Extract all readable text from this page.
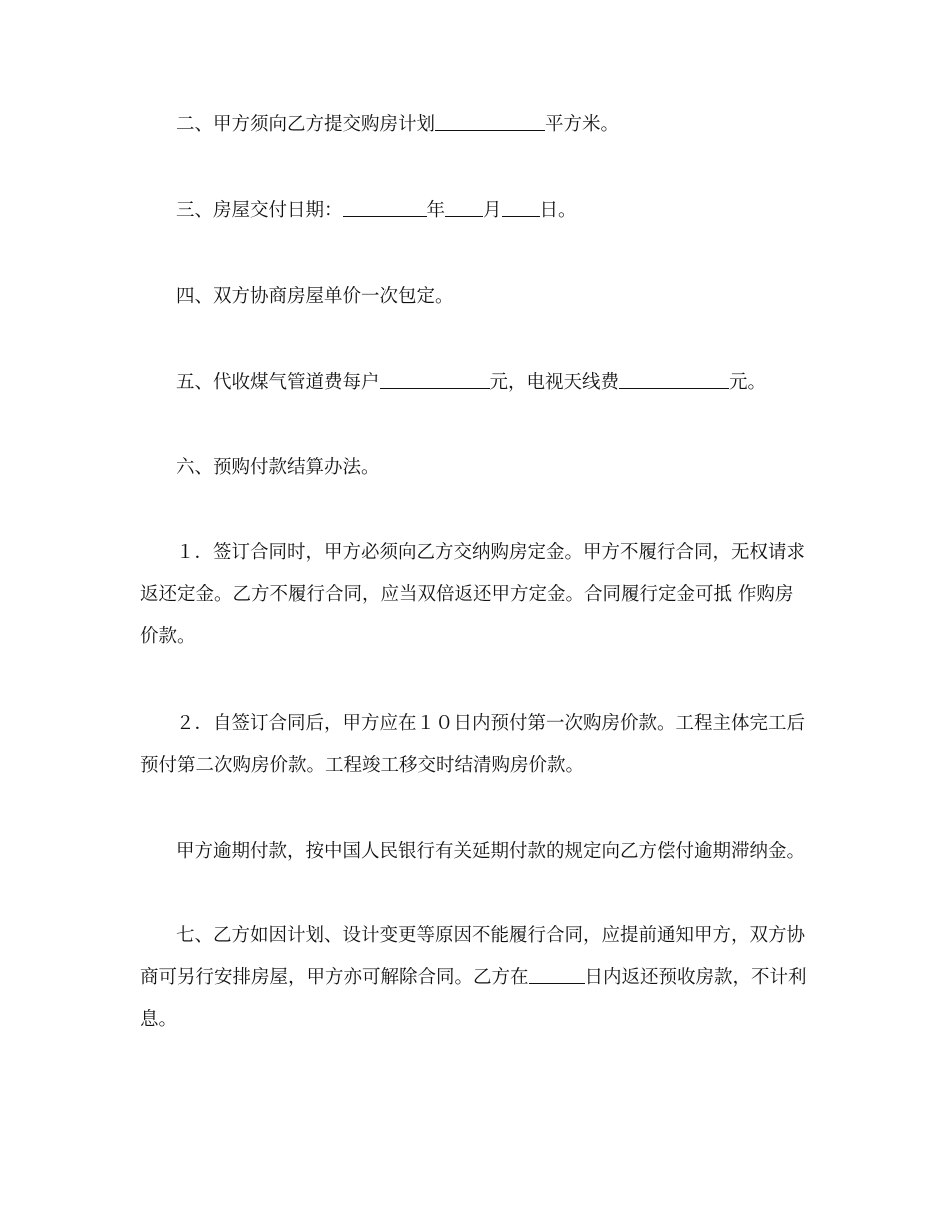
二、甲方须向乙方提交购房计划	平方米。

三、房屋交付日期：	年 月 日。

四、双方协商房屋单价一次包定。

五、代收煤气管道费每户	元，电视天线费	元。

六、预购付款结算办法。

１．签订合同时，甲方必须向乙方交纳购房定金。甲方不履行合同，无权请求
返还定金。乙方不履行合同，应当双倍返还甲方定金。合同履行定金可抵 作购房
价款。
２．自签订合同后，甲方应在１０日内预付第一次购房价款。工程主体完工后
预付第二次购房价款。工程竣工移交时结清购房价款。

甲方逾期付款，按中国人民银行有关延期付款的规定向乙方偿付逾期滞纳金。

七、乙方如因计划、设计变更等原因不能履行合同，应提前通知甲方，双方协
商可另行安排房屋，甲方亦可解除合同。乙方在	日内返还预收房款，不计利
息。
